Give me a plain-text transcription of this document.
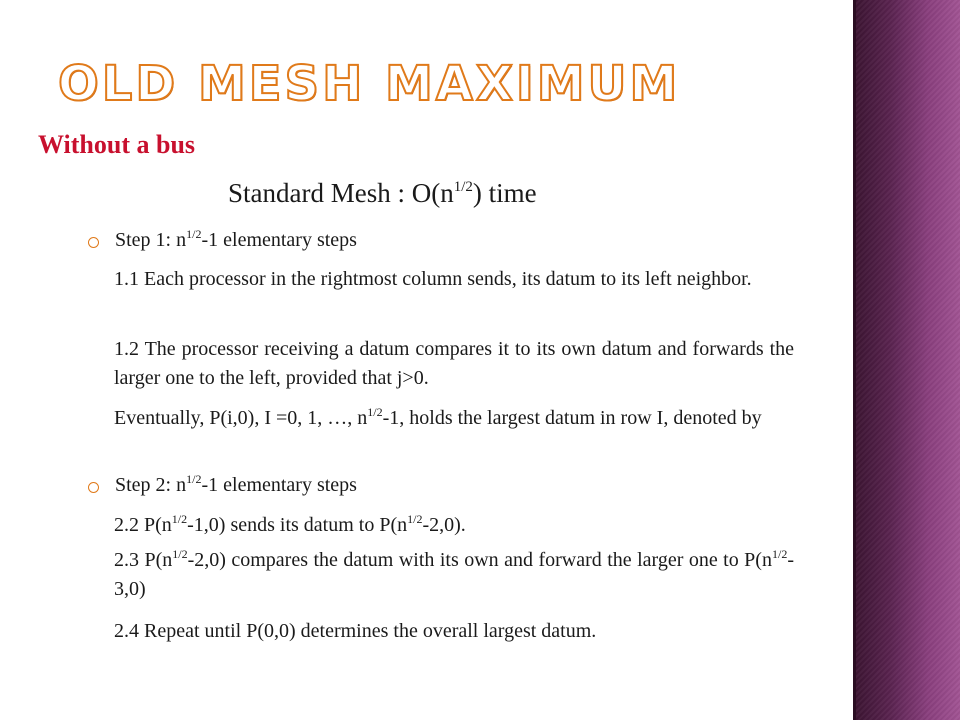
OLD MESH MAXIMUM
Without a bus
Standard Mesh : $O(n^{1/2})$ time
Step 1: $n^{1/2}-1$ elementary steps
1.1 Each processor in the rightmost column sends, its datum to its left neighbor.
1.2 The processor receiving a datum compares it to its own datum and forwards the larger one to the left, provided that j>0.
Eventually, P(i,0), I =0, 1, …, $n^{1/2}-1$, holds the largest datum in row I, denoted by
Step 2: $n^{1/2}-1$ elementary steps
2.2 $P(n^{1/2}-1,0)$ sends its datum to $P(n^{1/2}-2,0)$.
2.3 $P(n^{1/2}-2,0)$ compares the datum with its own and forward the larger one to $P(n^{1/2}-3,0)$
2.4 Repeat until P(0,0) determines the overall largest datum.
